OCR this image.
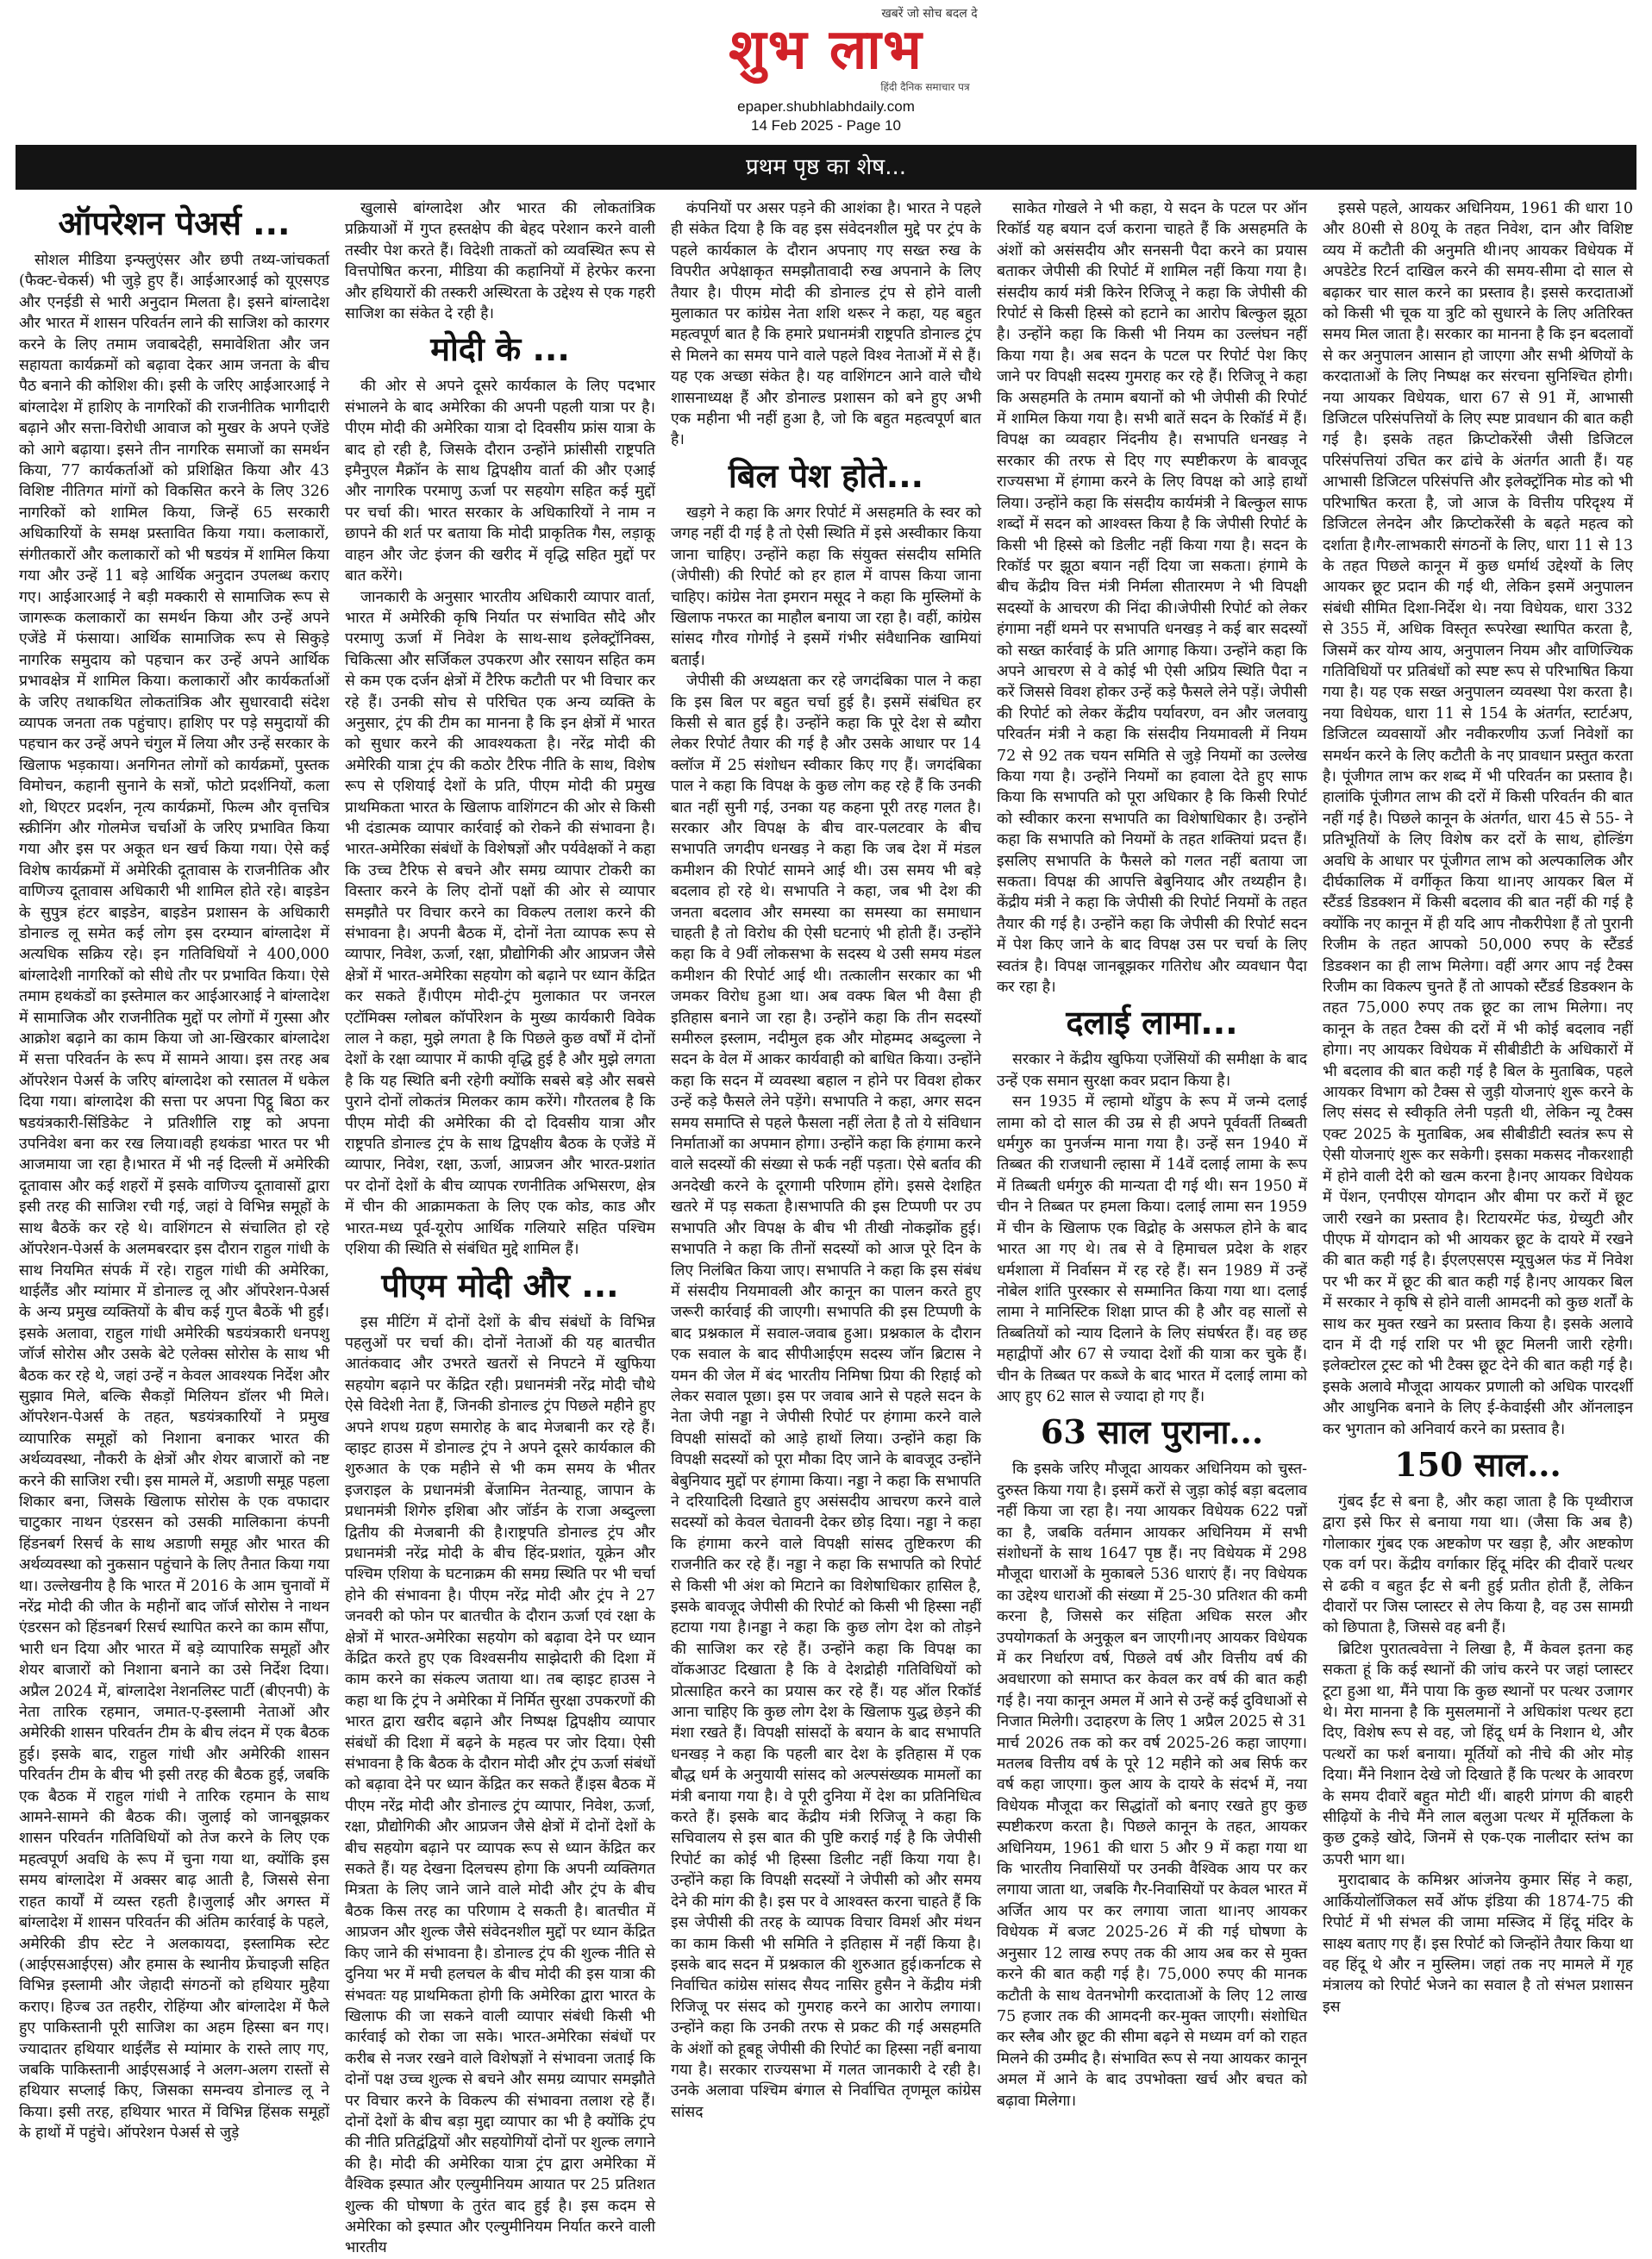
खबरें जो सोच बदल दे
शुभ लाभ
हिंदी दैनिक समाचार पत्र
epaper.shubhlabhdaily.com
14 Feb 2025 - Page 10
प्रथम पृष्ठ का शेष...
ऑपरेशन पेअर्स ...

सोशल मीडिया इन्फ्लुएंसर और छपी तथ्य-जांचकर्ता (फैक्ट-चेकर्स) भी जुड़े हुए हैं। आईआरआई को यूएसएड और एनईडी से भारी अनुदान मिलता है। इसने बांग्लादेश और भारत में शासन परिवर्तन लाने की साजिश को कारगर करने के लिए तमाम जवाबदेही, समावेशिता और जन सहायता कार्यक्रमों को बढ़ावा देकर आम जनता के बीच पैठ बनाने की कोशिश की। इसी के जरिए आईआरआई ने बांग्लादेश में हाशिए के नागरिकों की राजनीतिक भागीदारी बढ़ाने और सत्ता-विरोधी आवाज को मुखर के अपने एजेंडे को आगे बढ़ाया। इसने तीन नागरिक समाजों का समर्थन किया, 77 कार्यकर्ताओं को प्रशिक्षित किया और 43 विशिष्ट नीतिगत मांगों को विकसित करने के लिए 326 नागरिकों को शामिल किया, जिन्हें 65 सरकारी अधिकारियों के समक्ष प्रस्तावित किया गया। कलाकारों, संगीतकारों और कलाकारों को भी षडयंत्र में शामिल किया गया और उन्हें 11 बड़े आर्थिक अनुदान उपलब्ध कराए गए। आईआरआई ने बड़ी मक्कारी से सामाजिक रूप से जागरूक कलाकारों का समर्थन किया और उन्हें अपने एजेंडे में फंसाया। आर्थिक सामाजिक रूप से सिकुड़े नागरिक समुदाय को पहचान कर उन्हें अपने आर्थिक प्रभावक्षेत्र में शामिल किया। कलाकारों और कार्यकर्ताओं के जरिए तथाकथित लोकतांत्रिक और सुधारवादी संदेश व्यापक जनता तक पहुंचाए। हाशिए पर पड़े समुदायों की पहचान कर उन्हें अपने चंगुल में लिया और उन्हें सरकार के खिलाफ भड़काया। अनगिनत लोगों को कार्यक्रमों, पुस्तक विमोचन, कहानी सुनाने के सत्रों, फोटो प्रदर्शनियों, कला शो, थिएटर प्रदर्शन, नृत्य कार्यक्रमों, फिल्म और वृत्तचित्र स्क्रीनिंग और गोलमेज चर्चाओं के जरिए प्रभावित किया गया और इस पर अकूत धन खर्च किया गया। ऐसे कई विशेष कार्यक्रमों में अमेरिकी दूतावास के राजनीतिक और वाणिज्य दूतावास अधिकारी भी शामिल होते रहे। बाइडेन के सुपुत्र हंटर बाइडेन, बाइडेन प्रशासन के अधिकारी डोनाल्ड लू समेत कई लोग इस दरम्यान बांग्लादेश में अत्यधिक सक्रिय रहे। इन गतिविधियों ने 400,000 बांग्लादेशी नागरिकों को सीधे तौर पर प्रभावित किया। ऐसे तमाम हथकंडों का इस्तेमाल कर आईआरआई ने बांग्लादेश में सामाजिक और राजनीतिक मुद्दों पर लोगों में गुस्सा और आक्रोश बढ़ाने का काम किया जो आ-खिरकार बांग्लादेश में सत्ता परिवर्तन के रूप में सामने आया। इस तरह अब ऑपरेशन पेअर्स के जरिए बांग्लादेश को रसातल में धकेल दिया गया। बांग्लादेश की सत्ता पर अपना पिट्ठू बिठा कर षडयंत्रकारी-सिंडिकेट ने प्रतिशीलि राष्ट्र को अपना उपनिवेश बना कर रख लिया।वही हथकंडा भारत पर भी आजमाया जा रहा है।भारत में भी नई दिल्ली में अमेरिकी दूतावास और कई शहरों में इसके वाणिज्य दूतावासों द्वारा इसी तरह की साजिश रची गई, जहां वे विभिन्न समूहों के साथ बैठकें कर रहे थे। वाशिंगटन से संचालित हो रहे ऑपरेशन-पेअर्स के अलमबरदार इस दौरान राहुल गांधी के साथ नियमित संपर्क में रहे। राहुल गांधी की अमेरिका, थाईलैंड और म्यांमार में डोनाल्ड लू और ऑपरेशन-पेअर्स के अन्य प्रमुख व्यक्तियों के बीच कई गुप्त बैठकें भी हुईं। इसके अलावा, राहुल गांधी अमेरिकी षडयंत्रकारी धनपशु जॉर्ज सोरोस और उसके बेटे एलेक्स सोरोस के साथ भी बैठक कर रहे थे, जहां उन्हें न केवल आवश्यक निर्देश और सुझाव मिले, बल्कि सैकड़ों मिलियन डॉलर भी मिले।ऑपरेशन-पेअर्स के तहत, षडयंत्रकारियों ने प्रमुख व्यापारिक समूहों को निशाना बनाकर भारत की अर्थव्यवस्था, नौकरी के क्षेत्रों और शेयर बाजारों को नष्ट करने की साजिश रची। इस मामले में, अडाणी समूह पहला शिकार बना, जिसके खिलाफ सोरोस के एक वफादार चाटुकार नाथन एंडरसन को उसकी मालिकाना कंपनी हिंडनबर्ग रिसर्च के साथ अडाणी समूह और भारत की अर्थव्यवस्था को नुकसान पहुंचाने के लिए तैनात किया गया था। उल्लेखनीय है कि भारत में 2016 के आम चुनावों में नरेंद्र मोदी की जीत के महीनों बाद जॉर्ज सोरोस ने नाथन एंडरसन को हिंडनबर्ग रिसर्च स्थापित करने का काम सौंपा, भारी धन दिया और भारत में बड़े व्यापारिक समूहों और शेयर बाजारों को निशाना बनाने का उसे निर्देश दिया। अप्रैल 2024 में, बांग्लादेश नेशनलिस्ट पार्टी (बीएनपी) के नेता तारिक रहमान, जमात-ए-इस्लामी नेताओं और अमेरिकी शासन परिवर्तन टीम के बीच लंदन में एक बैठक हुई। इसके बाद, राहुल गांधी और अमेरिकी शासन परिवर्तन टीम के बीच भी इसी तरह की बैठक हुई, जबकि एक बैठक में राहुल गांधी ने तारिक रहमान के साथ आमने-सामने की बैठक की। जुलाई को जानबूझकर शासन परिवर्तन गतिविधियों को तेज करने के लिए एक महत्वपूर्ण अवधि के रूप में चुना गया था, क्योंकि इस समय बांग्लादेश में अक्सर बाढ़ आती है, जिससे सेना राहत कार्यों में व्यस्त रहती है।जुलाई और अगस्त में बांग्लादेश में शासन परिवर्तन की अंतिम कार्रवाई के पहले, अमेरिकी डीप स्टेट ने अलकायदा, इस्लामिक स्टेट (आईएसआईएस) और हमास के स्थानीय फ्रेंचाइजी सहित विभिन्न इस्लामी और जेहादी संगठनों को हथियार मुहैया कराए। हिज्ब उत तहरीर, रोहिंग्या और बांग्लादेश में फैले हुए पाकिस्तानी पूरी साजिश का अहम हिस्सा बन गए। ज्यादातर हथियार थाईलैंड से म्यांमार के रास्ते लाए गए, जबकि पाकिस्तानी आईएसआई ने अलग-अलग रास्तों से हथियार सप्लाई किए, जिसका समन्वय डोनाल्ड लू ने किया। इसी तरह, हथियार भारत में विभिन्न हिंसक समूहों के हाथों में पहुंचे। ऑपरेशन पेअर्स से जुड़े

खुलासे बांग्लादेश और भारत की लोकतांत्रिक प्रक्रियाओं में गुप्त हस्तक्षेप की बेहद परेशान करने वाली तस्वीर पेश करते हैं। विदेशी ताकतों को व्यवस्थित रूप से वित्तपोषित करना, मीडिया की कहानियों में हेरफेर करना और हथियारों की तस्करी अस्थिरता के उद्देश्य से एक गहरी साजिश का संकेत दे रही है।

मोदी के ...

की ओर से अपने दूसरे कार्यकाल के लिए पदभार संभालने के बाद अमेरिका की अपनी पहली यात्रा पर है।पीएम मोदी की अमेरिका यात्रा दो दिवसीय फ्रांस यात्रा के बाद हो रही है, जिसके दौरान उन्होंने फ्रांसीसी राष्ट्रपति इमैनुएल मैक्रॉन के साथ द्विपक्षीय वार्ता की और एआई और नागरिक परमाणु ऊर्जा पर सहयोग सहित कई मुद्दों पर चर्चा की। भारत सरकार के अधिकारियों ने नाम न छापने की शर्त पर बताया कि मोदी प्राकृतिक गैस, लड़ाकू वाहन और जेट इंजन की खरीद में वृद्धि सहित मुद्दों पर बात करेंगे।

जानकारी के अनुसार भारतीय अधिकारी व्यापार वार्ता, भारत में अमेरिकी कृषि निर्यात पर संभावित सौदे और परमाणु ऊर्जा में निवेश के साथ-साथ इलेक्ट्रॉनिक्स, चिकित्सा और सर्जिकल उपकरण और रसायन सहित कम से कम एक दर्जन क्षेत्रों में टैरिफ कटौती पर भी विचार कर रहे हैं। उनकी सोच से परिचित एक अन्य व्यक्ति के अनुसार, ट्रंप की टीम का मानना है कि इन क्षेत्रों में भारत को सुधार करने की आवश्यकता है। नरेंद्र मोदी की अमेरिकी यात्रा ट्रंप की कठोर टैरिफ नीति के साथ, विशेष रूप से एशियाई देशों के प्रति, पीएम मोदी की प्रमुख प्राथमिकता भारत के खिलाफ वाशिंगटन की ओर से किसी भी दंडात्मक व्यापार कार्रवाई को रोकने की संभावना है। भारत-अमेरिका संबंधों के विशेषज्ञों और पर्यवेक्षकों ने कहा कि उच्च टैरिफ से बचने और समग्र व्यापार टोकरी का विस्तार करने के लिए दोनों पक्षों की ओर से व्यापार समझौते पर विचार करने का विकल्प तलाश करने की संभावना है। अपनी बैठक में, दोनों नेता व्यापक रूप से व्यापार, निवेश, ऊर्जा, रक्षा, प्रौद्योगिकी और आप्रजन जैसे क्षेत्रों में भारत-अमेरिका सहयोग को बढ़ाने पर ध्यान केंद्रित कर सकते हैं।पीएम मोदी-ट्रंप मुलाकात पर जनरल एटॉमिक्स ग्लोबल कॉर्पोरेशन के मुख्य कार्यकारी विवेक लाल ने कहा, मुझे लगता है कि पिछले कुछ वर्षों में दोनों देशों के रक्षा व्यापार में काफी वृद्धि हुई है और मुझे लगता है कि यह स्थिति बनी रहेगी क्योंकि सबसे बड़े और सबसे पुराने दोनों लोकतंत्र मिलकर काम करेंगे। गौरतलब है कि पीएम मोदी की अमेरिका की दो दिवसीय यात्रा और राष्ट्रपति डोनाल्ड ट्रंप के साथ द्विपक्षीय बैठक के एजेंडे में व्यापार, निवेश, रक्षा, ऊर्जा, आप्रजन और भारत-प्रशांत पर दोनों देशों के बीच व्यापक रणनीतिक अभिसरण, क्षेत्र में चीन की आक्रामकता के लिए एक कोड, काड और भारत-मध्य पूर्व-यूरोप आर्थिक गलियारे सहित पश्चिम एशिया की स्थिति से संबंधित मुद्दे शामिल हैं।

पीएम मोदी और ...

इस मीटिंग में दोनों देशों के बीच संबंधों के विभिन्न पहलुओं पर चर्चा की। दोनों नेताओं की यह बातचीत आतंकवाद और उभरते खतरों से निपटने में खुफिया सहयोग बढ़ाने पर केंद्रित रही। प्रधानमंत्री नरेंद्र मोदी चौथे ऐसे विदेशी नेता हैं, जिनकी डोनाल्ड ट्रंप पिछले महीने हुए अपने शपथ ग्रहण समारोह के बाद मेजबानी कर रहे हैं।व्हाइट हाउस में डोनाल्ड ट्रंप ने अपने दूसरे कार्यकाल की शुरुआत के एक महीने से भी कम समय के भीतर इजराइल के प्रधानमंत्री बेंजामिन नेतन्याहू, जापान के प्रधानमंत्री शिगेरु इशिबा और जॉर्डन के राजा अब्दुल्ला द्वितीय की मेजबानी की है।राष्ट्रपति डोनाल्ड ट्रंप और प्रधानमंत्री नरेंद्र मोदी के बीच हिंद-प्रशांत, यूक्रेन और पश्चिम एशिया के घटनाक्रम की समग्र स्थिति पर भी चर्चा होने की संभावना है। पीएम नरेंद्र मोदी और ट्रंप ने 27 जनवरी को फोन पर बातचीत के दौरान ऊर्जा एवं रक्षा के क्षेत्रों में भारत-अमेरिका सहयोग को बढ़ावा देने पर ध्यान केंद्रित करते हुए एक विश्वसनीय साझेदारी की दिशा में काम करने का संकल्प जताया था। तब व्हाइट हाउस ने कहा था कि ट्रंप ने अमेरिका में निर्मित सुरक्षा उपकरणों की भारत द्वारा खरीद बढ़ाने और निष्पक्ष द्विपक्षीय व्यापार संबंधों की दिशा में बढ़ने के महत्व पर जोर दिया। ऐसी संभावना है कि बैठक के दौरान मोदी और ट्रंप ऊर्जा संबंधों को बढ़ावा देने पर ध्यान केंद्रित कर सकते हैं।इस बैठक में पीएम नरेंद्र मोदी और डोनाल्ड ट्रंप व्यापार, निवेश, ऊर्जा, रक्षा, प्रौद्योगिकी और आप्रजन जैसे क्षेत्रों में दोनों देशों के बीच सहयोग बढ़ाने पर व्यापक रूप से ध्यान केंद्रित कर सकते हैं। यह देखना दिलचस्प होगा कि अपनी व्यक्तिगत मित्रता के लिए जाने जाने वाले मोदी और ट्रंप के बीच बैठक किस तरह का परिणाम दे सकती है। बातचीत में आप्रजन और शुल्क जैसे संवेदनशील मुद्दों पर ध्यान केंद्रित किए जाने की संभावना है। डोनाल्ड ट्रंप की शुल्क नीति से दुनिया भर में मची हलचल के बीच मोदी की इस यात्रा की संभवतः यह प्राथमिकता होगी कि अमेरिका द्वारा भारत के खिलाफ की जा सकने वाली व्यापार संबंधी किसी भी कार्रवाई को रोका जा सके। भारत-अमेरिका संबंधों पर करीब से नजर रखने वाले विशेषज्ञों ने संभावना जताई कि दोनों पक्ष उच्च शुल्क से बचने और समग्र व्यापार समझौते पर विचार करने के विकल्प की संभावना तलाश रहे हैं।दोनों देशों के बीच बड़ा मुद्दा व्यापार का भी है क्योंकि ट्रंप की नीति प्रतिद्वंद्वियों और सहयोगियों दोनों पर शुल्क लगाने की है। मोदी की अमेरिका यात्रा ट्रंप द्वारा अमेरिका में वैश्विक इस्पात और एल्युमीनियम आयात पर 25 प्रतिशत शुल्क की घोषणा के तुरंत बाद हुई है। इस कदम से अमेरिका को इस्पात और एल्युमीनियम निर्यात करने वाली भारतीय

कंपनियों पर असर पड़ने की आशंका है। भारत ने पहले ही संकेत दिया है कि वह इस संवेदनशील मुद्दे पर ट्रंप के पहले कार्यकाल के दौरान अपनाए गए सख्त रुख के विपरीत अपेक्षाकृत समझौतावादी रुख अपनाने के लिए तैयार है। पीएम मोदी की डोनाल्ड ट्रंप से होने वाली मुलाकात पर कांग्रेस नेता शशि थरूर ने कहा, यह बहुत महत्वपूर्ण बात है कि हमारे प्रधानमंत्री राष्ट्रपति डोनाल्ड ट्रंप से मिलने का समय पाने वाले पहले विश्व नेताओं में से हैं। यह एक अच्छा संकेत है। यह वाशिंगटन आने वाले चौथे शासनाध्यक्ष हैं और डोनाल्ड प्रशासन को बने हुए अभी एक महीना भी नहीं हुआ है, जो कि बहुत महत्वपूर्ण बात है।

बिल पेश होते...

खड़गे ने कहा कि अगर रिपोर्ट में असहमति के स्वर को जगह नहीं दी गई है तो ऐसी स्थिति में इसे अस्वीकार किया जाना चाहिए। उन्होंने कहा कि संयुक्त संसदीय समिति (जेपीसी) की रिपोर्ट को हर हाल में वापस किया जाना चाहिए। कांग्रेस नेता इमरान मसूद ने कहा कि मुस्लिमों के खिलाफ नफरत का माहौल बनाया जा रहा है। वहीं, कांग्रेस सांसद गौरव गोगोई ने इसमें गंभीर संवैधानिक खामियां बताईं।

जेपीसी की अध्यक्षता कर रहे जगदंबिका पाल ने कहा कि इस बिल पर बहुत चर्चा हुई है। इसमें संबंधित हर किसी से बात हुई है। उन्होंने कहा कि पूरे देश से ब्यौरा लेकर रिपोर्ट तैयार की गई है और उसके आधार पर 14 क्लॉज में 25 संशोधन स्वीकार किए गए हैं। जगदंबिका पाल ने कहा कि विपक्ष के कुछ लोग कह रहे हैं कि उनकी बात नहीं सुनी गई, उनका यह कहना पूरी तरह गलत है।सरकार और विपक्ष के बीच वार-पलटवार के बीच सभापति जगदीप धनखड़ ने कहा कि जब देश में मंडल कमीशन की रिपोर्ट सामने आई थी। उस समय भी बड़े बदलाव हो रहे थे। सभापति ने कहा, जब भी देश की जनता बदलाव और समस्या का समस्या का समाधान चाहती है तो विरोध की ऐसी घटनाएं भी होती हैं। उन्होंने कहा कि वे 9वीं लोकसभा के सदस्य थे उसी समय मंडल कमीशन की रिपोर्ट आई थी। तत्कालीन सरकार का भी जमकर विरोध हुआ था। अब वक्फ बिल भी वैसा ही इतिहास बनाने जा रहा है। उन्होंने कहा कि तीन सदस्यों समीरुल इस्लाम, नदीमुल हक और मोहम्मद अब्दुल्ला ने सदन के वेल में आकर कार्यवाही को बाधित किया। उन्होंने कहा कि सदन में व्यवस्था बहाल न होने पर विवश होकर उन्हें कड़े फैसले लेने पड़ेंगे। सभापति ने कहा, अगर सदन समय समाप्ति से पहले फैसला नहीं लेता है तो ये संविधान निर्माताओं का अपमान होगा। उन्होंने कहा कि हंगामा करने वाले सदस्यों की संख्या से फर्क नहीं पड़ता। ऐसे बर्ताव की अनदेखी करने के दूरगामी परिणाम होंगे। इससे देशहित खतरे में पड़ सकता है।सभापति की इस टिप्पणी पर उप सभापति और विपक्ष के बीच भी तीखी नोकझोंक हुई। सभापति ने कहा कि तीनों सदस्यों को आज पूरे दिन के लिए निलंबित किया जाए। सभापति ने कहा कि इस संबंध में संसदीय नियमावली और कानून का पालन करते हुए जरूरी कार्रवाई की जाएगी। सभापति की इस टिप्पणी के बाद प्रश्नकाल में सवाल-जवाब हुआ। प्रश्नकाल के दौरान एक सवाल के बाद सीपीआईएम सदस्य जॉन ब्रिटास ने यमन की जेल में बंद भारतीय निमिषा प्रिया की रिहाई को लेकर सवाल पूछा। इस पर जवाब आने से पहले सदन के नेता जेपी नड्डा ने जेपीसी रिपोर्ट पर हंगामा करने वाले विपक्षी सांसदों को आड़े हाथों लिया। उन्होंने कहा कि विपक्षी सदस्यों को पूरा मौका दिए जाने के बावजूद उन्होंने बेबुनियाद मुद्दों पर हंगामा किया। नड्डा ने कहा कि सभापति ने दरियादिली दिखाते हुए असंसदीय आचरण करने वाले सदस्यों को केवल चेतावनी देकर छोड़ दिया। नड्डा ने कहा कि हंगामा करने वाले विपक्षी सांसद तुष्टिकरण की राजनीति कर रहे हैं। नड्डा ने कहा कि सभापति को रिपोर्ट से किसी भी अंश को मिटाने का विशेषाधिकार हासिल है, इसके बावजूद जेपीसी की रिपोर्ट को किसी भी हिस्सा नहीं हटाया गया है।नड्डा ने कहा कि कुछ लोग देश को तोड़ने की साजिश कर रहे हैं। उन्होंने कहा कि विपक्ष का वॉकआउट दिखाता है कि वे देशद्रोही गतिविधियों को प्रोत्साहित करने का प्रयास कर रहे हैं। यह ऑल रिकॉर्ड आना चाहिए कि कुछ लोग देश के खिलाफ युद्ध छेड़ने की मंशा रखते हैं। विपक्षी सांसदों के बयान के बाद सभापति धनखड़ ने कहा कि पहली बार देश के इतिहास में एक बौद्ध धर्म के अनुयायी सांसद को अल्पसंख्यक मामलों का मंत्री बनाया गया है। वे पूरी दुनिया में देश का प्रतिनिधित्व करते हैं। इसके बाद केंद्रीय मंत्री रिजिजू ने कहा कि सचिवालय से इस बात की पुष्टि कराई गई है कि जेपीसी रिपोर्ट का कोई भी हिस्सा डिलीट नहीं किया गया है। उन्होंने कहा कि विपक्षी सदस्यों ने जेपीसी को और समय देने की मांग की है। इस पर वे आश्वस्त करना चाहते हैं कि इस जेपीसी की तरह के व्यापक विचार विमर्श और मंथन का काम किसी भी समिति ने इतिहास में नहीं किया है। इसके बाद सदन में प्रश्नकाल की शुरुआत हुई।कर्नाटक से निर्वाचित कांग्रेस सांसद सैयद नासिर हुसैन ने केंद्रीय मंत्री रिजिजू पर संसद को गुमराह करने का आरोप लगाया। उन्होंने कहा कि उनकी तरफ से प्रकट की गई असहमति के अंशों को हूबहू जेपीसी की रिपोर्ट का हिस्सा नहीं बनाया गया है। सरकार राज्यसभा में गलत जानकारी दे रही है। उनके अलावा पश्चिम बंगाल से निर्वाचित तृणमूल कांग्रेस सांसद

साकेत गोखले ने भी कहा, ये सदन के पटल पर ऑन रिकॉर्ड यह बयान दर्ज कराना चाहते हैं कि असहमति के अंशों को असंसदीय और सनसनी पैदा करने का प्रयास बताकर जेपीसी की रिपोर्ट में शामिल नहीं किया गया है।संसदीय कार्य मंत्री किरेन रिजिजू ने कहा कि जेपीसी की रिपोर्ट से किसी हिस्से को हटाने का आरोप बिल्कुल झूठा है। उन्होंने कहा कि किसी भी नियम का उल्लंघन नहीं किया गया है। अब सदन के पटल पर रिपोर्ट पेश किए जाने पर विपक्षी सदस्य गुमराह कर रहे हैं। रिजिजू ने कहा कि असहमति के तमाम बयानों को भी जेपीसी की रिपोर्ट में शामिल किया गया है। सभी बातें सदन के रिकॉर्ड में हैं। विपक्ष का व्यवहार निंदनीय है। सभापति धनखड़ ने सरकार की तरफ से दिए गए स्पष्टीकरण के बावजूद राज्यसभा में हंगामा करने के लिए विपक्ष को आड़े हाथों लिया। उन्होंने कहा कि संसदीय कार्यमंत्री ने बिल्कुल साफ शब्दों में सदन को आश्वस्त किया है कि जेपीसी रिपोर्ट के किसी भी हिस्से को डिलीट नहीं किया गया है। सदन के रिकॉर्ड पर झूठा बयान नहीं दिया जा सकता। हंगामे के बीच केंद्रीय वित्त मंत्री निर्मला सीतारमण ने भी विपक्षी सदस्यों के आचरण की निंदा की।जेपीसी रिपोर्ट को लेकर हंगामा नहीं थमने पर सभापति धनखड़ ने कई बार सदस्यों को सख्त कार्रवाई के प्रति आगाह किया। उन्होंने कहा कि अपने आचरण से वे कोई भी ऐसी अप्रिय स्थिति पैदा न करें जिससे विवश होकर उन्हें कड़े फैसले लेने पड़ें। जेपीसी की रिपोर्ट को लेकर केंद्रीय पर्यावरण, वन और जलवायु परिवर्तन मंत्री ने कहा कि संसदीय नियमावली में नियम 72 से 92 तक चयन समिति से जुड़े नियमों का उल्लेख किया गया है। उन्होंने नियमों का हवाला देते हुए साफ किया कि सभापति को पूरा अधिकार है कि किसी रिपोर्ट को स्वीकार करना सभापति का विशेषाधिकार है। उन्होंने कहा कि सभापति को नियमों के तहत शक्तियां प्रदत्त हैं। इसलिए सभापति के फैसले को गलत नहीं बताया जा सकता। विपक्ष की आपत्ति बेबुनियाद और तथ्यहीन है। केंद्रीय मंत्री ने कहा कि जेपीसी की रिपोर्ट नियमों के तहत तैयार की गई है। उन्होंने कहा कि जेपीसी की रिपोर्ट सदन में पेश किए जाने के बाद विपक्ष उस पर चर्चा के लिए स्वतंत्र है। विपक्ष जानबूझकर गतिरोध और व्यवधान पैदा कर रहा है।

दलाई लामा...

सरकार ने केंद्रीय खुफिया एजेंसियों की समीक्षा के बाद उन्हें एक समान सुरक्षा कवर प्रदान किया है।

सन 1935 में ल्हामो थोंडुप के रूप में जन्मे दलाई लामा को दो साल की उम्र से ही अपने पूर्ववर्ती तिब्बती धर्मगुरु का पुनर्जन्म माना गया है। उन्हें सन 1940 में तिब्बत की राजधानी ल्हासा में 14वें दलाई लामा के रूप में तिब्बती धर्मगुरु की मान्यता दी गई थी। सन 1950 में चीन ने तिब्बत पर हमला किया। दलाई लामा सन 1959 में चीन के खिलाफ एक विद्रोह के असफल होने के बाद भारत आ गए थे। तब से वे हिमाचल प्रदेश के शहर धर्मशाला में निर्वासन में रह रहे हैं। सन 1989 में उन्हें नोबेल शांति पुरस्कार से सम्मानित किया गया था। दलाई लामा ने मानिस्टिक शिक्षा प्राप्त की है और वह सालों से तिब्बतियों को न्याय दिलाने के लिए संघर्षरत हैं। वह छह महाद्वीपों और 67 से ज्यादा देशों की यात्रा कर चुके हैं। चीन के तिब्बत पर कब्जे के बाद भारत में दलाई लामा को आए हुए 62 साल से ज्यादा हो गए हैं।

63 साल पुराना...

कि इसके जरिए मौजूदा आयकर अधिनियम को चुस्त-दुरुस्त किया गया है। इसमें करों से जुड़ा कोई बड़ा बदलाव नहीं किया जा रहा है। नया आयकर विधेयक 622 पन्नों का है, जबकि वर्तमान आयकर अधिनियम में सभी संशोधनों के साथ 1647 पृष्ठ हैं। नए विधेयक में 298 मौजूदा धाराओं के मुकाबले 536 धाराएं हैं। नए विधेयक का उद्देश्य धाराओं की संख्या में 25-30 प्रतिशत की कमी करना है, जिससे कर संहिता अधिक सरल और उपयोगकर्ता के अनुकूल बन जाएगी।नए आयकर विधेयक में कर निर्धारण वर्ष, पिछले वर्ष और वित्तीय वर्ष की अवधारणा को समाप्त कर केवल कर वर्ष की बात कही गई है। नया कानून अमल में आने से उन्हें कई दुविधाओं से निजात मिलेगी। उदाहरण के लिए 1 अप्रैल 2025 से 31 मार्च 2026 तक को कर वर्ष 2025-26 कहा जाएगा। मतलब वित्तीय वर्ष के पूरे 12 महीने को अब सिर्फ कर वर्ष कहा जाएगा। कुल आय के दायरे के संदर्भ में, नया विधेयक मौजूदा कर सिद्धांतों को बनाए रखते हुए कुछ स्पष्टीकरण करता है। पिछले कानून के तहत, आयकर अधिनियम, 1961 की धारा 5 और 9 में कहा गया था कि भारतीय निवासियों पर उनकी वैश्विक आय पर कर लगाया जाता था, जबकि गैर-निवासियों पर केवल भारत में अर्जित आय पर कर लगाया जाता था।नए आयकर विधेयक में बजट 2025-26 में की गई घोषणा के अनुसार 12 लाख रुपए तक की आय अब कर से मुक्त करने की बात कही गई है। 75,000 रुपए की मानक कटौती के साथ वेतनभोगी करदाताओं के लिए 12 लाख 75 हजार तक की आमदनी कर-मुक्त जाएगी। संशोधित कर स्लैब और छूट की सीमा बढ़ने से मध्यम वर्ग को राहत मिलने की उम्मीद है। संभावित रूप से नया आयकर कानून अमल में आने के बाद उपभोक्ता खर्च और बचत को बढ़ावा मिलेगा।

इससे पहले, आयकर अधिनियम, 1961 की धारा 10 और 80सी से 80यू के तहत निवेश, दान और विशिष्ट व्यय में कटौती की अनुमति थी।नए आयकर विधेयक में अपडेटेड रिटर्न दाखिल करने की समय-सीमा दो साल से बढ़ाकर चार साल करने का प्रस्ताव है। इससे करदाताओं को किसी भी चूक या त्रुटि को सुधारने के लिए अतिरिक्त समय मिल जाता है। सरकार का मानना है कि इन बदलावों से कर अनुपालन आसान हो जाएगा और सभी श्रेणियों के करदाताओं के लिए निष्पक्ष कर संरचना सुनिश्चित होगी। नया आयकर विधेयक, धारा 67 से 91 में, आभासी डिजिटल परिसंपत्तियों के लिए स्पष्ट प्रावधान की बात कही गई है। इसके तहत क्रिप्टोकरेंसी जैसी डिजिटल परिसंपत्तियां उचित कर ढांचे के अंतर्गत आती हैं। यह आभासी डिजिटल परिसंपत्ति और इलेक्ट्रॉनिक मोड को भी परिभाषित करता है, जो आज के वित्तीय परिदृश्य में डिजिटल लेनदेन और क्रिप्टोकरेंसी के बढ़ते महत्व को दर्शाता है।गैर-लाभकारी संगठनों के लिए, धारा 11 से 13 के तहत पिछले कानून में कुछ धर्मार्थ उद्देश्यों के लिए आयकर छूट प्रदान की गई थी, लेकिन इसमें अनुपालन संबंधी सीमित दिशा-निर्देश थे। नया विधेयक, धारा 332 से 355 में, अधिक विस्तृत रूपरेखा स्थापित करता है, जिसमें कर योग्य आय, अनुपालन नियम और वाणिज्यिक गतिविधियों पर प्रतिबंधों को स्पष्ट रूप से परिभाषित किया गया है। यह एक सख्त अनुपालन व्यवस्था पेश करता है। नया विधेयक, धारा 11 से 154 के अंतर्गत, स्टार्टअप, डिजिटल व्यवसायों और नवीकरणीय ऊर्जा निवेशों का समर्थन करने के लिए कटौती के नए प्रावधान प्रस्तुत करता है। पूंजीगत लाभ कर शब्द में भी परिवर्तन का प्रस्ताव है। हालांकि पूंजीगत लाभ की दरों में किसी परिवर्तन की बात नहीं गई है। पिछले कानून के अंतर्गत, धारा 45 से 55- ने प्रतिभूतियों के लिए विशेष कर दरों के साथ, होल्डिंग अवधि के आधार पर पूंजीगत लाभ को अल्पकालिक और दीर्घकालिक में वर्गीकृत किया था।नए आयकर बिल में स्टैंडर्ड डिडक्शन में किसी बदलाव की बात नहीं की गई है क्योंकि नए कानून में ही यदि आप नौकरीपेशा हैं तो पुरानी रिजीम के तहत आपको 50,000 रुपए के स्टैंडर्ड डिडक्शन का ही लाभ मिलेगा। वहीं अगर आप नई टैक्स रिजीम का विकल्प चुनते हैं तो आपको स्टैंडर्ड डिडक्शन के तहत 75,000 रुपए तक छूट का लाभ मिलेगा। नए कानून के तहत टैक्स की दरों में भी कोई बदलाव नहीं होगा। नए आयकर विधेयक में सीबीडीटी के अधिकारों में भी बदलाव की बात कही गई है बिल के मुताबिक, पहले आयकर विभाग को टैक्स से जुड़ी योजनाएं शुरू करने के लिए संसद से स्वीकृति लेनी पड़ती थी, लेकिन न्यू टैक्स एक्ट 2025 के मुताबिक, अब सीबीडीटी स्वतंत्र रूप से ऐसी योजनाएं शुरू कर सकेगी। इसका मकसद नौकरशाही में होने वाली देरी को खत्म करना है।नए आयकर विधेयक में पेंशन, एनपीएस योगदान और बीमा पर करों में छूट जारी रखने का प्रस्ताव है। रिटायरमेंट फंड, ग्रेच्युटी और पीएफ में योगदान को भी आयकर छूट के दायरे में रखने की बात कही गई है। ईएलएसएस म्यूचुअल फंड में निवेश पर भी कर में छूट की बात कही गई है।नए आयकर बिल में सरकार ने कृषि से होने वाली आमदनी को कुछ शर्तों के साथ कर मुक्त रखने का प्रस्ताव किया है। इसके अलावे दान में दी गई राशि पर भी छूट मिलनी जारी रहेगी। इलेक्टोरल ट्रस्ट को भी टैक्स छूट देने की बात कही गई है। इसके अलावे मौजूदा आयकर प्रणाली को अधिक पारदर्शी और आधुनिक बनाने के लिए ई-केवाईसी और ऑनलाइन कर भुगतान को अनिवार्य करने का प्रस्ताव है।

150 साल...

गुंबद ईंट से बना है, और कहा जाता है कि पृथ्वीराज द्वारा इसे फिर से बनाया गया था। (जैसा कि अब है) गोलाकार गुंबद एक अष्टकोण पर खड़ा है, और अष्टकोण एक वर्ग पर। केंद्रीय वर्गाकार हिंदू मंदिर की दीवारें पत्थर से ढकी व बहुत ईंट से बनी हुई प्रतीत होती हैं, लेकिन दीवारों पर जिस प्लास्टर से लेप किया है, वह उस सामग्री को छिपाता है, जिससे वह बनी हैं।

ब्रिटिश पुरातत्ववेत्ता ने लिखा है, मैं केवल इतना कह सकता हूं कि कई स्थानों की जांच करने पर जहां प्लास्टर टूटा हुआ था, मैंने पाया कि कुछ स्थानों पर पत्थर उजागर थे। मेरा मानना है कि मुसलमानों ने अधिकांश पत्थर हटा दिए, विशेष रूप से वह, जो हिंदू धर्म के निशान थे, और पत्थरों का फर्श बनाया। मूर्तियों को नीचे की ओर मोड़ दिया। मैंने निशान देखे जो दिखाते हैं कि पत्थर के आवरण के समय दीवारें बहुत मोटी थीं। बाहरी प्रांगण की बाहरी सीढ़ियों के नीचे मैंने लाल बलुआ पत्थर में मूर्तिकला के कुछ टुकड़े खोदे, जिनमें से एक-एक नालीदार स्तंभ का ऊपरी भाग था।

मुरादाबाद के कमिश्नर आंजनेय कुमार सिंह ने कहा, आर्कियोलॉजिकल सर्वे ऑफ इंडिया की 1874-75 की रिपोर्ट में भी संभल की जामा मस्जिद में हिंदू मंदिर के साक्ष्य बताए गए हैं। इस रिपोर्ट को जिन्होंने तैयार किया था वह हिंदू थे और न मुस्लिम। जहां तक नए मामले में गृह मंत्रालय को रिपोर्ट भेजने का सवाल है तो संभल प्रशासन इस
